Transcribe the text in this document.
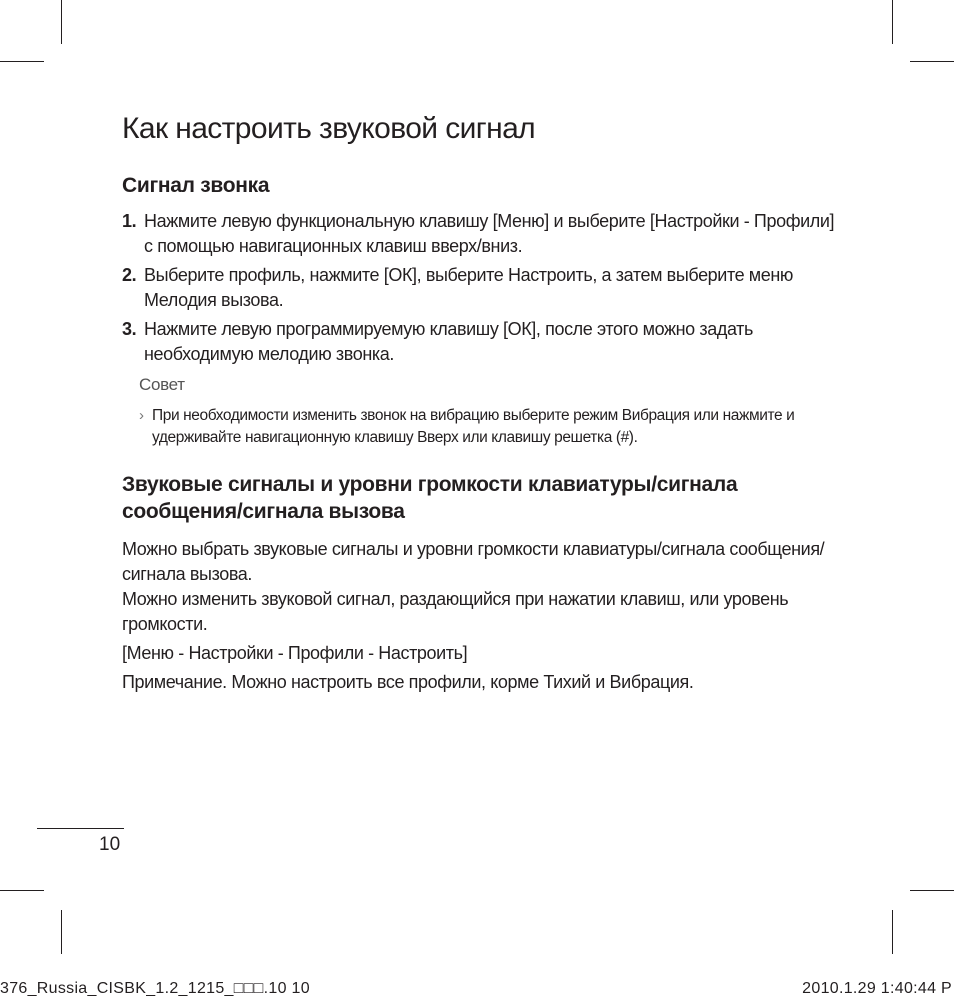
Как настроить звуковой сигнал
Сигнал звонка
1. Нажмите левую функциональную клавишу [Меню] и выберите [Настройки - Профили] с помощью навигационных клавиш вверх/вниз.
2. Выберите профиль, нажмите [ОК], выберите Настроить, а затем выберите меню Мелодия вызова.
3. Нажмите левую программируемую клавишу [ОК], после этого можно задать необходимую мелодию звонка.
Совет
› При необходимости изменить звонок на вибрацию выберите режим Вибрация или нажмите и удерживайте навигационную клавишу Вверх или клавишу решетка (#).
Звуковые сигналы и уровни громкости клавиатуры/сигнала сообщения/сигнала вызова

Можно выбрать звуковые сигналы и уровни громкости клавиатуры/сигнала сообщения/сигнала вызова.

Можно изменить звуковой сигнал, раздающийся при нажатии клавиш, или уровень громкости.

[Меню - Настройки - Профили - Настроить]

Примечание. Можно настроить все профили, корме Тихий и Вибрация.

10
376_Russia_CISBK_1.2_1215_□□□.10 10	2010.1.29 1:40:44 P
